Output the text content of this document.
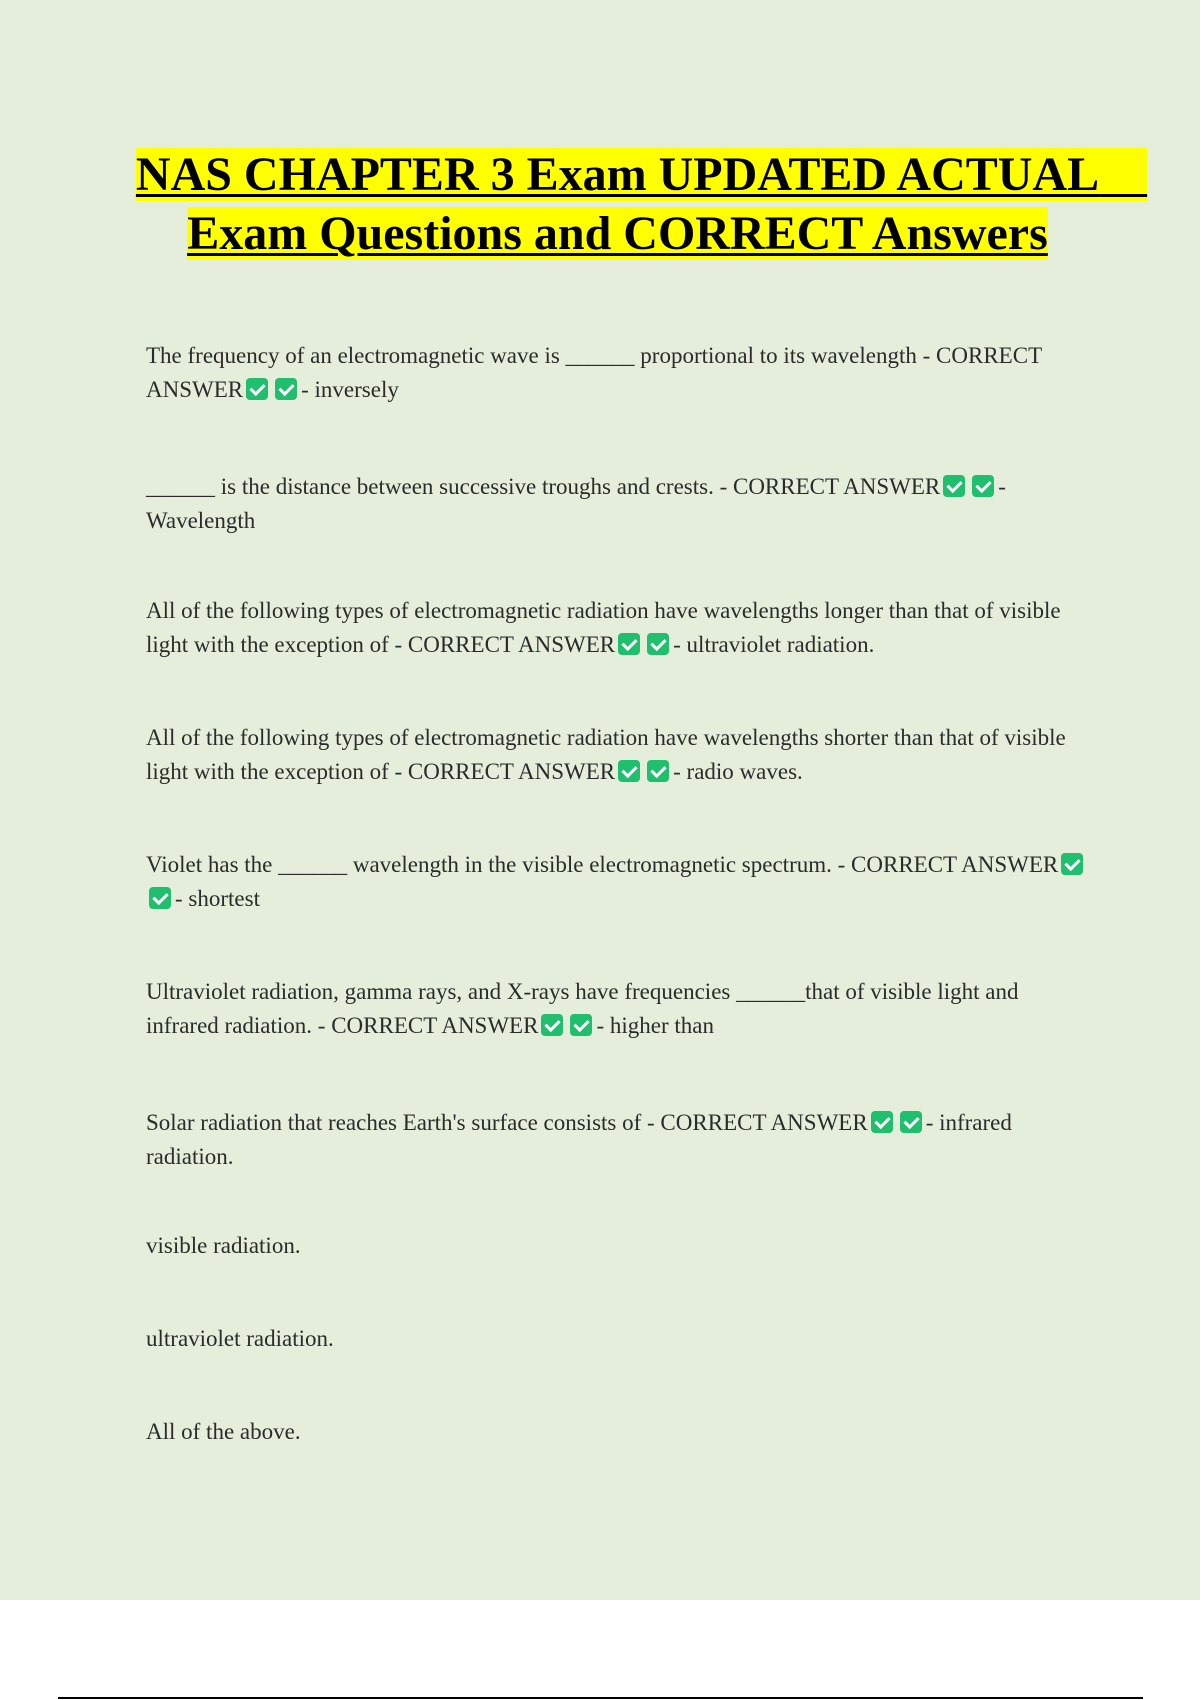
NAS CHAPTER 3 Exam UPDATED ACTUAL    Exam Questions and CORRECT Answers

The frequency of an electromagnetic wave is ______ proportional to its wavelength - CORRECT ANSWER	- inversely

______ is the distance between successive troughs and crests. - CORRECT ANSWER	- Wavelength

All of the following types of electromagnetic radiation have wavelengths longer than that of visible light with the exception of - CORRECT ANSWER	- ultraviolet radiation.

All of the following types of electromagnetic radiation have wavelengths shorter than that of visible light with the exception of - CORRECT ANSWER	- radio waves.

Violet has the ______ wavelength in the visible electromagnetic spectrum. - CORRECT ANSWER- shortest

Ultraviolet radiation, gamma rays, and X-rays have frequencies ______that of visible light and infrared radiation. - CORRECT ANSWER	- higher than

Solar radiation that reaches Earth's surface consists of - CORRECT ANSWER	- infrared radiation.

visible radiation.

ultraviolet radiation.

All of the above.
